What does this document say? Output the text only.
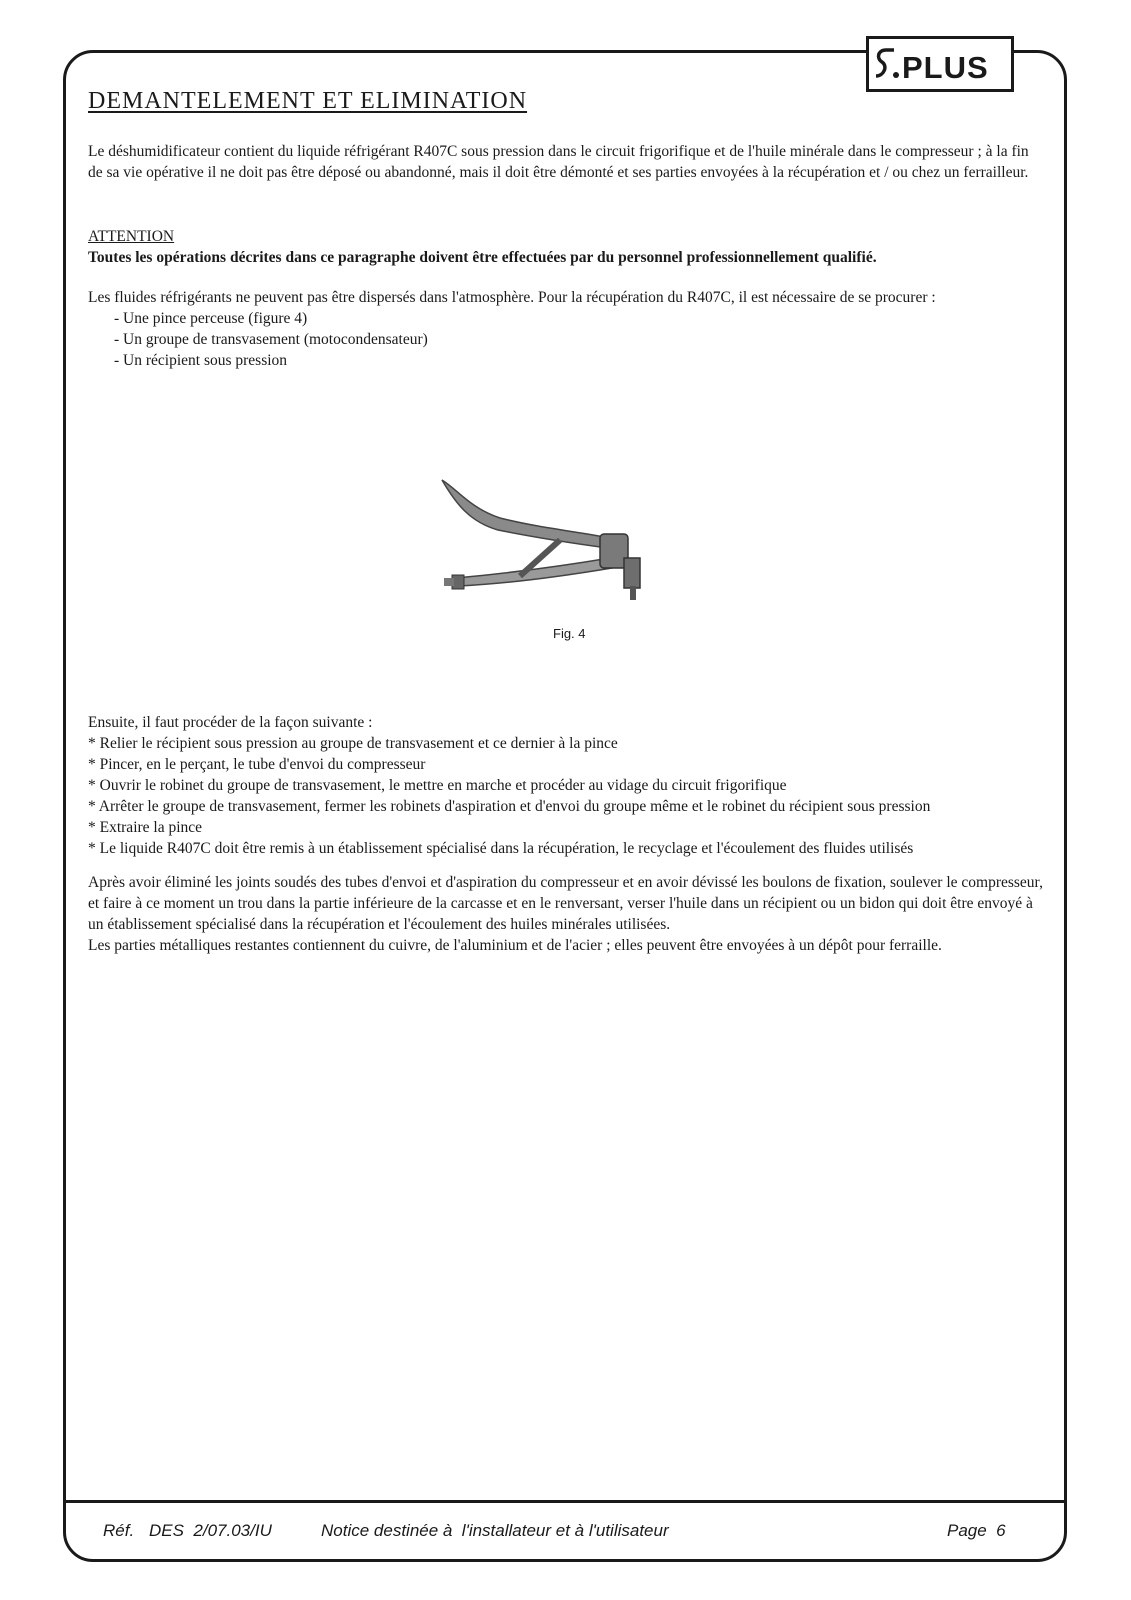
PLUS
DEMANTELEMENT ET ELIMINATION
Le déshumidificateur contient du liquide réfrigérant R407C sous pression dans le circuit frigorifique et de l'huile minérale dans le compresseur ; à la fin de sa vie opérative il ne doit pas être déposé ou abandonné, mais il doit être démonté et ses parties envoyées à la récupération et / ou chez un ferrailleur.
ATTENTION
Toutes les opérations décrites dans ce paragraphe doivent être effectuées par du personnel professionnellement qualifié.
Les fluides réfrigérants ne peuvent pas être dispersés dans l'atmosphère. Pour la récupération du R407C, il est nécessaire de se procurer :
- Une pince perceuse (figure 4)
- Un groupe de transvasement (motocondensateur)
- Un récipient sous pression
Fig. 4
Ensuite, il faut procéder de la façon suivante :
* Relier le récipient sous pression au groupe de transvasement et ce dernier à la pince
* Pincer, en le perçant, le tube d'envoi du compresseur
* Ouvrir le robinet du groupe de transvasement, le mettre en marche et procéder au vidage du circuit frigorifique
* Arrêter le groupe de transvasement, fermer les robinets d'aspiration et d'envoi du groupe même et le robinet du récipient sous pression
* Extraire la pince
* Le liquide R407C doit être remis à un établissement spécialisé dans la récupération, le recyclage et l'écoulement des fluides utilisés

Après avoir éliminé les joints soudés des tubes d'envoi et d'aspiration du compresseur et en avoir dévissé les boulons de fixation, soulever le compresseur, et faire à ce moment un trou dans la partie inférieure de la carcasse et en le renversant, verser l'huile dans un récipient ou un bidon qui doit être envoyé à un établissement spécialisé dans la récupération et l'écoulement des huiles minérales utilisées.

Les parties métalliques restantes contiennent du cuivre, de l'aluminium et de l'acier ; elles peuvent être envoyées à un dépôt pour ferraille.

Réf. DES  2/07.03/IU	Notice destinée à  l'installateur et à l'utilisateur	Page  6
